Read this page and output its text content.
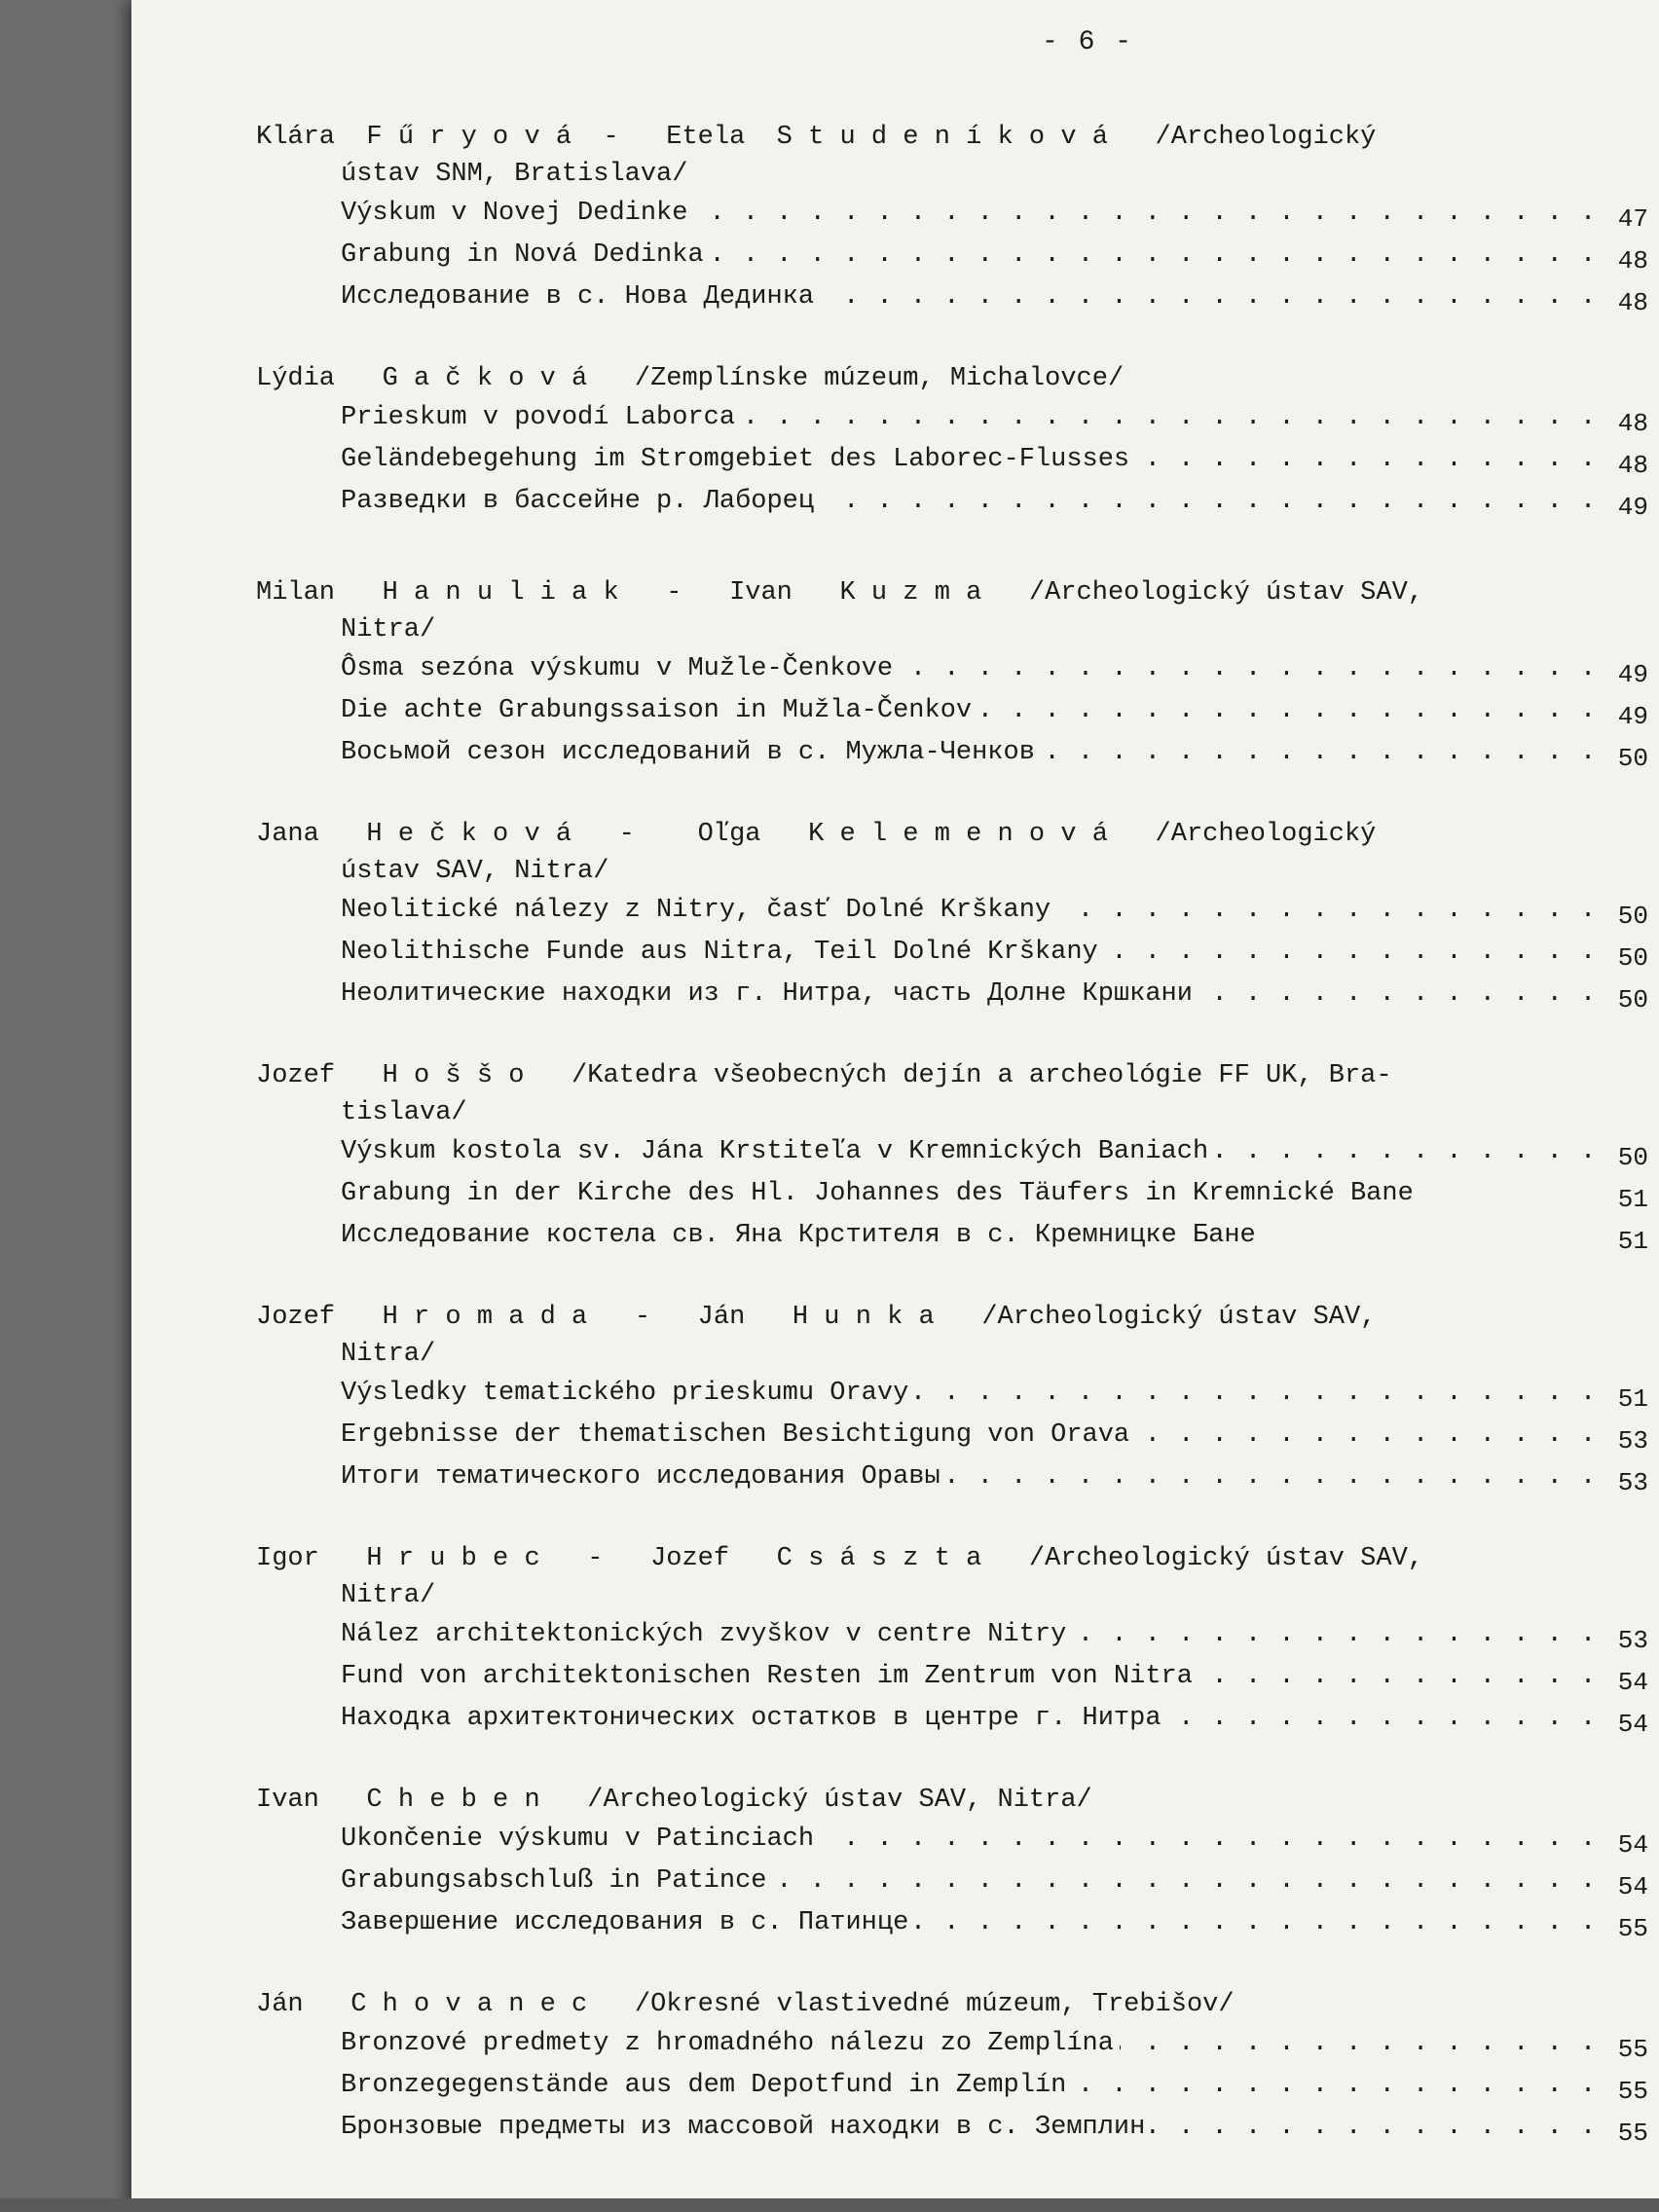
- 6 -
Klára  F ű r y o v á  -   Etela  S t u d e n í k o v á   /Archeologický
ústav SNM, Bratislava/
. . .
Výskum v Novej Dedinke	47
. . .
Grabung in Nová Dedinka	48
. . .
Исследование в с. Нова Дединка	48
Lýdia   G a č k o v á   /Zemplínske múzeum, Michalovce/
. . .
Prieskum v povodí Laborca	48
. . .
Geländebegehung im Stromgebiet des Laborec-Flusses	48
. . .
Разведки в бассейне р. Лаборец	49
Milan   H a n u l i a k   -   Ivan   K u z m a   /Archeologický ústav SAV,
Nitra/
. . .
Ôsma sezóna výskumu v Mužle-Čenkove	49
. . .
Die achte Grabungssaison in Mužla-Čenkov	49
. . .
Восьмой сезон исследований в с. Мужла-Ченков	50
Jana   H e č k o v á   -    Oľga   K e l e m e n o v á   /Archeologický
ústav SAV, Nitra/
. . .
Neolitické nálezy z Nitry, časť Dolné Krškany	50
. . .
Neolithische Funde aus Nitra, Teil Dolné Krškany	50
. . .
Неолитические находки из г. Нитра, часть Долне Кршкани	50
Jozef   H o š š o   /Katedra všeobecných dejín a archeológie FF UK, Bra-
tislava/
. . .
Výskum kostola sv. Jána Krstiteľa v Kremnických Baniach	50
Grabung in der Kirche des Hl. Johannes des Täufers in Kremnické Bane	51
Исследование костела св. Яна Крстителя в с. Кремницке Бане	51
Jozef   H r o m a d a   -   Ján   H u n k a   /Archeologický ústav SAV,
Nitra/
. . .
Výsledky tematického prieskumu Oravy	51
. . .
Ergebnisse der thematischen Besichtigung von Orava	53
. . .
Итоги тематического исследования Оравы	53
Igor   H r u b e c   -   Jozef   C s á s z t a   /Archeologický ústav SAV,
Nitra/
. . .
Nález architektonických zvyškov v centre Nitry	53
. . .
Fund von architektonischen Resten im Zentrum von Nitra	54
. . .
Находка архитектонических остатков в центре г. Нитра	54
Ivan   C h e b e n   /Archeologický ústav SAV, Nitra/
. . .
Ukončenie výskumu v Patinciach	54
. . .
Grabungsabschluß in Patince	54
. . .
Завершение исследования в с. Патинце	55
Ján   C h o v a n e c   /Okresné vlastivedné múzeum, Trebišov/
. . .
Bronzové predmety z hromadného nálezu zo Zemplína	55
. . .
Bronzegegenstände aus dem Depotfund in Zemplín	55
. . .
Бронзовые предметы из массовой находки в с. Земплин	55
